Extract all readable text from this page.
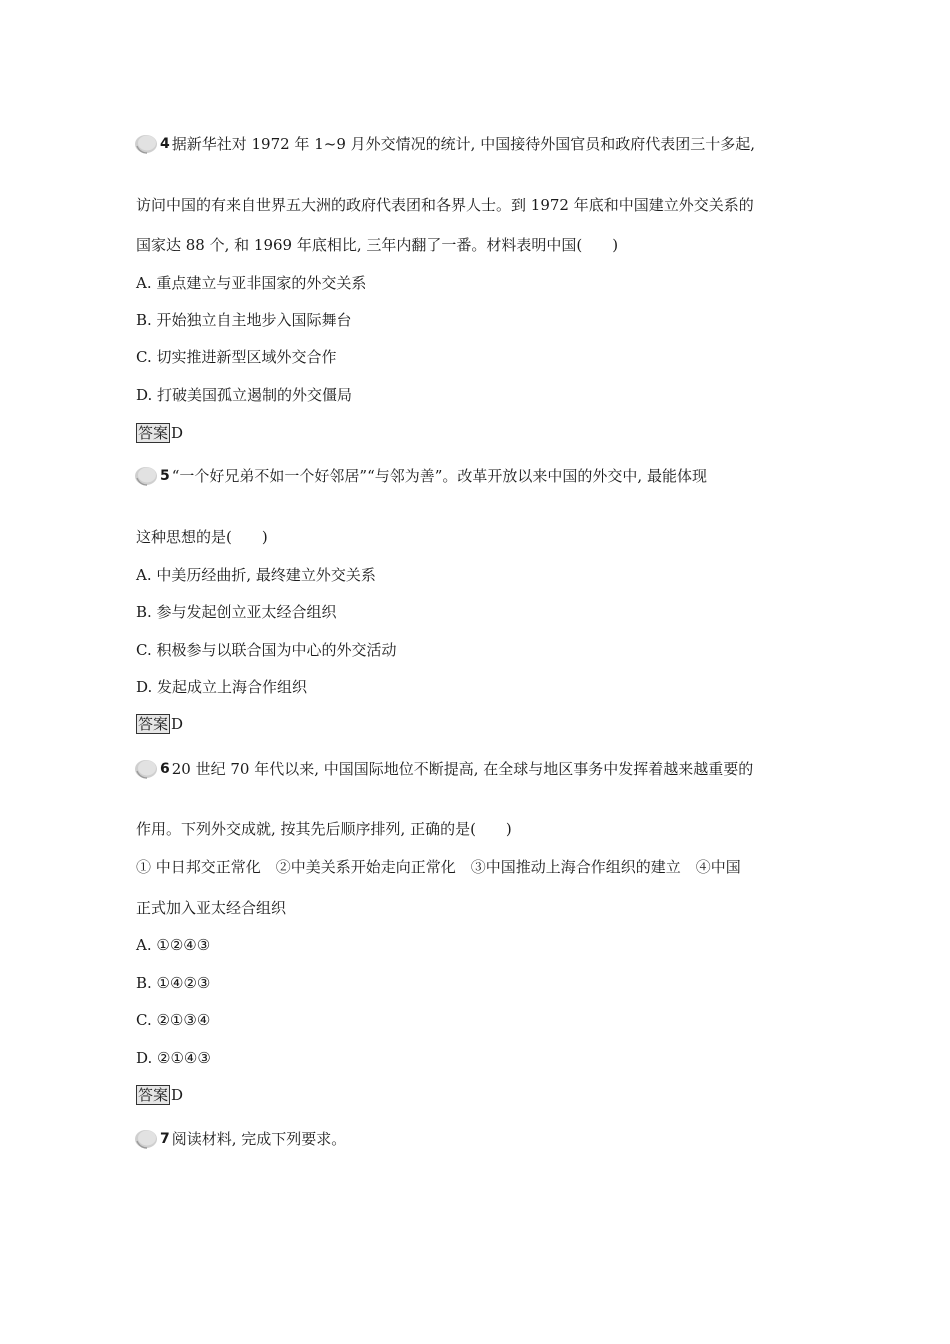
4 据新华社对 1972 年 1~9 月外交情况的统计, 中国接待外国官员和政府代表团三十多起,
访问中国的有来自世界五大洲的政府代表团和各界人士。到 1972 年底和中国建立外交关系的
国家达 88 个, 和 1969 年底相比, 三年内翻了一番。材料表明中国(　　)
A. 重点建立与亚非国家的外交关系
B. 开始独立自主地步入国际舞台
C. 切实推进新型区域外交合作
D. 打破美国孤立遏制的外交僵局
答案 D
5 “一个好兄弟不如一个好邻居”“与邻为善”。改革开放以来中国的外交中, 最能体现
这种思想的是(　　)
A. 中美历经曲折, 最终建立外交关系
B. 参与发起创立亚太经合组织
C. 积极参与以联合国为中心的外交活动
D. 发起成立上海合作组织
答案 D
6 20 世纪 70 年代以来, 中国国际地位不断提高, 在全球与地区事务中发挥着越来越重要的
作用。下列外交成就, 按其先后顺序排列, 正确的是(　　)
① 中日邦交正常化　②中美关系开始走向正常化　③中国推动上海合作组织的建立　④中国
正式加入亚太经合组织
A. ①②④③
B. ①④②③
C. ②①③④
D. ②①④③
答案 D
7 阅读材料, 完成下列要求。
